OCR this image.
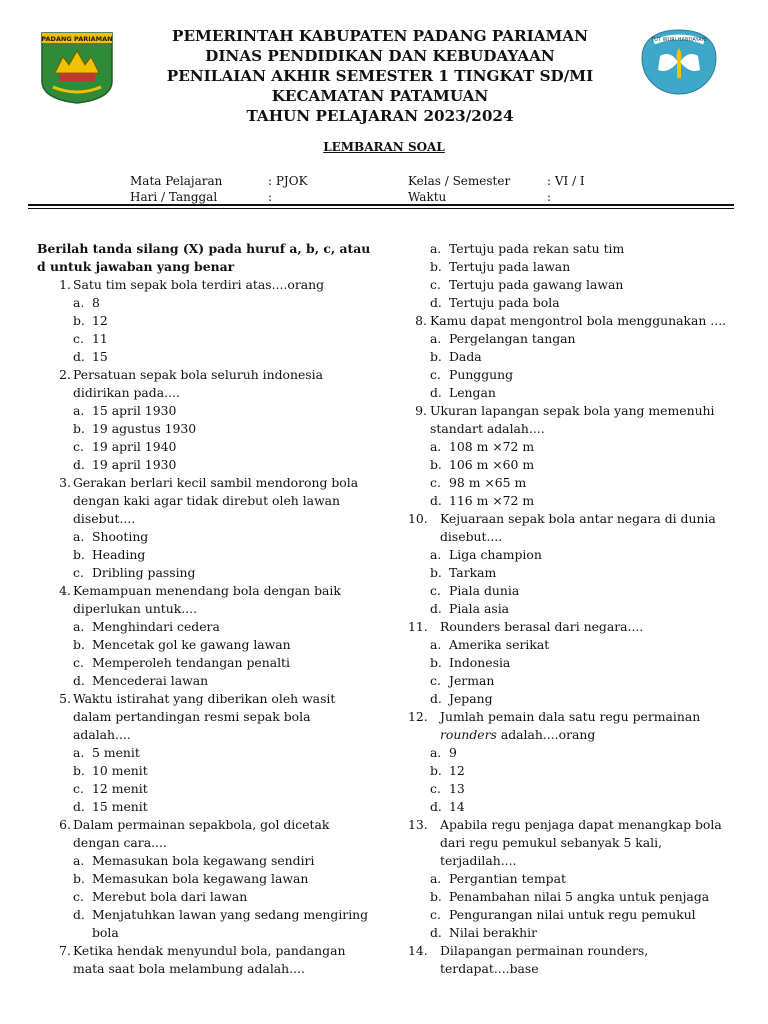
PADANG PARIAMAN	TUT WURI HANDAYANI
PEMERINTAH KABUPATEN PADANG PARIAMAN
DINAS PENDIDIKAN DAN KEBUDAYAAN
PENILAIAN AKHIR SEMESTER 1 TINGKAT SD/MI
KECAMATAN PATAMUAN
TAHUN PELAJARAN 2023/2024
LEMBARAN SOAL
Mata Pelajaran	: PJOK
Hari / Tanggal	:
Kelas / Semester	: VI / I
Waktu	:
Berilah tanda silang (X) pada huruf a, b, c, atau d untuk jawaban yang benar
1. Satu tim sepak bola terdiri atas....orang
a. 8
b. 12
c. 11
d. 15
2. Persatuan sepak bola seluruh indonesia didirikan pada....
a. 15 april 1930
b. 19 agustus 1930
c. 19 april 1940
d. 19 april 1930
3. Gerakan berlari kecil sambil mendorong bola dengan kaki agar tidak direbut oleh lawan disebut....
a. Shooting
b. Heading
c. Dribling passing
4. Kemampuan menendang bola dengan baik diperlukan untuk....
a. Menghindari cedera
b. Mencetak gol ke gawang lawan
c. Memperoleh tendangan penalti
d. Mencederai lawan
5. Waktu istirahat yang diberikan oleh wasit dalam pertandingan resmi sepak bola adalah....
a. 5 menit
b. 10 menit
c. 12 menit
d. 15 menit
6. Dalam permainan sepakbola, gol dicetak dengan cara....
a. Memasukan bola kegawang sendiri
b. Memasukan bola kegawang lawan
c. Merebut bola dari lawan
d. Menjatuhkan lawan yang sedang mengiring bola
7. Ketika hendak menyundul bola, pandangan mata saat bola melambung adalah....
a. Tertuju pada rekan satu tim
b. Tertuju pada lawan
c. Tertuju pada gawang lawan
d. Tertuju pada bola
8. Kamu dapat mengontrol bola menggunakan ....
a. Pergelangan tangan
b. Dada
c. Punggung
d. Lengan
9. Ukuran lapangan sepak bola yang memenuhi standart adalah....
a. 108 m ×72 m
b. 106 m ×60 m
c. 98 m ×65 m
d. 116 m ×72 m
10. Kejuaraan sepak bola antar negara di dunia disebut....
a. Liga champion
b. Tarkam
c. Piala dunia
d. Piala asia
11. Rounders berasal dari negara....
a. Amerika serikat
b. Indonesia
c. Jerman
d. Jepang
12. Jumlah pemain dala satu regu permainan rounders adalah....orang
a. 9
b. 12
c. 13
d. 14
13. Apabila regu penjaga dapat menangkap bola dari regu pemukul sebanyak 5 kali, terjadilah....
a. Pergantian tempat
b. Penambahan nilai 5 angka untuk penjaga
c. Pengurangan nilai untuk regu pemukul
d. Nilai berakhir
14. Dilapangan permainan rounders, terdapat....base
